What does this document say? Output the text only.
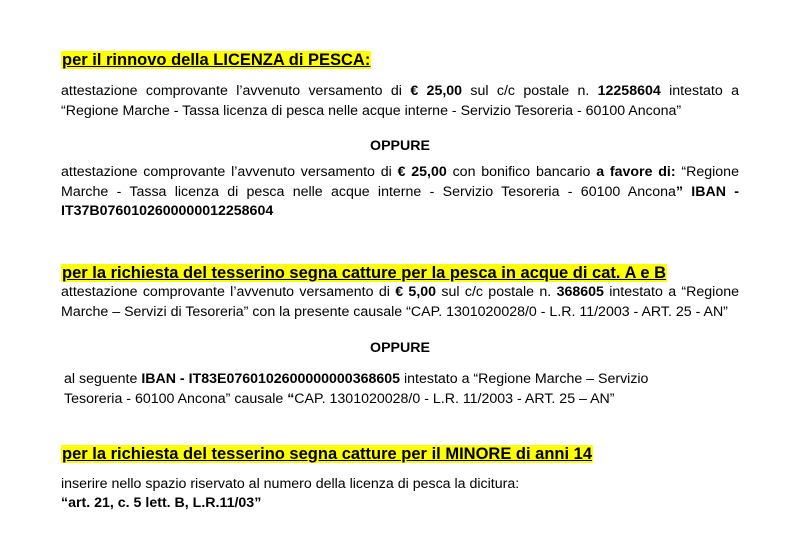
per il rinnovo della LICENZA di PESCA:
attestazione comprovante l’avvenuto versamento di € 25,00 sul c/c postale n. 12258604 intestato a “Regione Marche - Tassa licenza di pesca nelle acque interne - Servizio Tesoreria - 60100 Ancona”
OPPURE
attestazione comprovante l’avvenuto versamento di € 25,00 con bonifico bancario a favore di: “Regione Marche - Tassa licenza di pesca nelle acque interne - Servizio Tesoreria - 60100 Ancona” IBAN - IT37B0760102600000012258604
per la richiesta del tesserino segna catture per la pesca in acque di cat. A e B
attestazione comprovante l’avvenuto versamento di € 5,00 sul c/c postale n. 368605 intestato a “Regione Marche – Servizi di Tesoreria” con la presente causale “CAP. 1301020028/0 - L.R. 11/2003 - ART. 25 - AN”
OPPURE
al seguente IBAN - IT83E0760102600000000368605 intestato a “Regione Marche – Servizio Tesoreria - 60100 Ancona” causale “CAP. 1301020028/0 - L.R. 11/2003 - ART. 25 – AN”
per la richiesta del tesserino segna catture per il MINORE di anni 14
inserire nello spazio riservato al numero della licenza di pesca la dicitura:
“art. 21, c. 5 lett. B, L.R.11/03”
